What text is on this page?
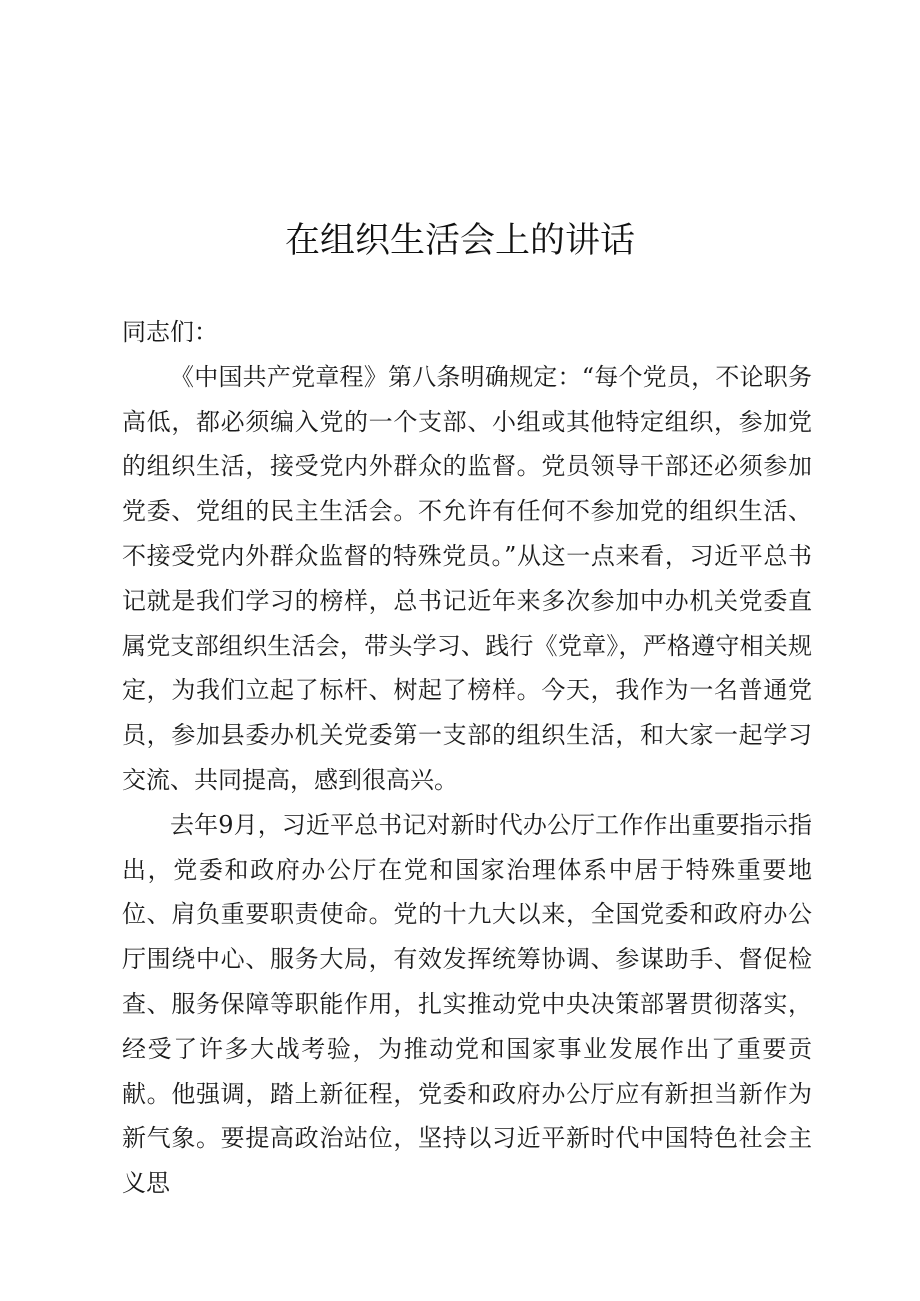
在组织生活会上的讲话

同志们：

《中国共产党章程》第八条明确规定：“每个党员，不论职务高低，都必须编入党的一个支部、小组或其他特定组织，参加党的组织生活，接受党内外群众的监督。党员领导干部还必须参加党委、党组的民主生活会。不允许有任何不参加党的组织生活、不接受党内外群众监督的特殊党员。”从这一点来看，习近平总书记就是我们学习的榜样，总书记近年来多次参加中办机关党委直属党支部组织生活会，带头学习、践行《党章》，严格遵守相关规定，为我们立起了标杆、树起了榜样。今天，我作为一名普通党员，参加县委办机关党委第一支部的组织生活，和大家一起学习交流、共同提高，感到很高兴。

去年9月，习近平总书记对新时代办公厅工作作出重要指示指出，党委和政府办公厅在党和国家治理体系中居于特殊重要地位、肩负重要职责使命。党的十九大以来，全国党委和政府办公厅围绕中心、服务大局，有效发挥统筹协调、参谋助手、督促检查、服务保障等职能作用，扎实推动党中央决策部署贯彻落实，经受了许多大战考验，为推动党和国家事业发展作出了重要贡献。他强调，踏上新征程，党委和政府办公厅应有新担当新作为新气象。要提高政治站位，坚持以习近平新时代中国特色社会主义思
